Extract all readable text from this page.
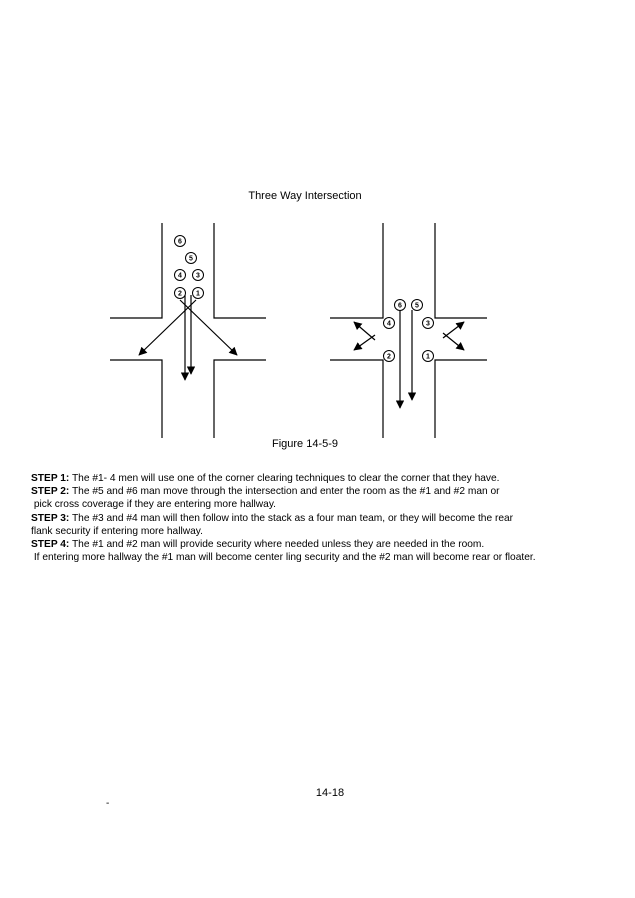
Three Way Intersection
6
5
4 3
2 1
6 5
4	3
2	1
Figure 14-5-9

STEP 1: The #1- 4 men will use one of the corner clearing techniques to clear the corner that they have.

STEP 2: The #5 and #6 man move through the intersection and enter the room as the #1 and #2 man or
pick cross coverage if they are entering more hallway.

STEP 3: The #3 and #4 man will then follow into the stack as a four man team, or they will become the rear
flank security if entering more hallway.

STEP 4: The #1 and #2 man will provide security where needed unless they are needed in the room.
If entering more hallway the #1 man will become center ling security and the #2 man will become rear or floater.

14-18
-
